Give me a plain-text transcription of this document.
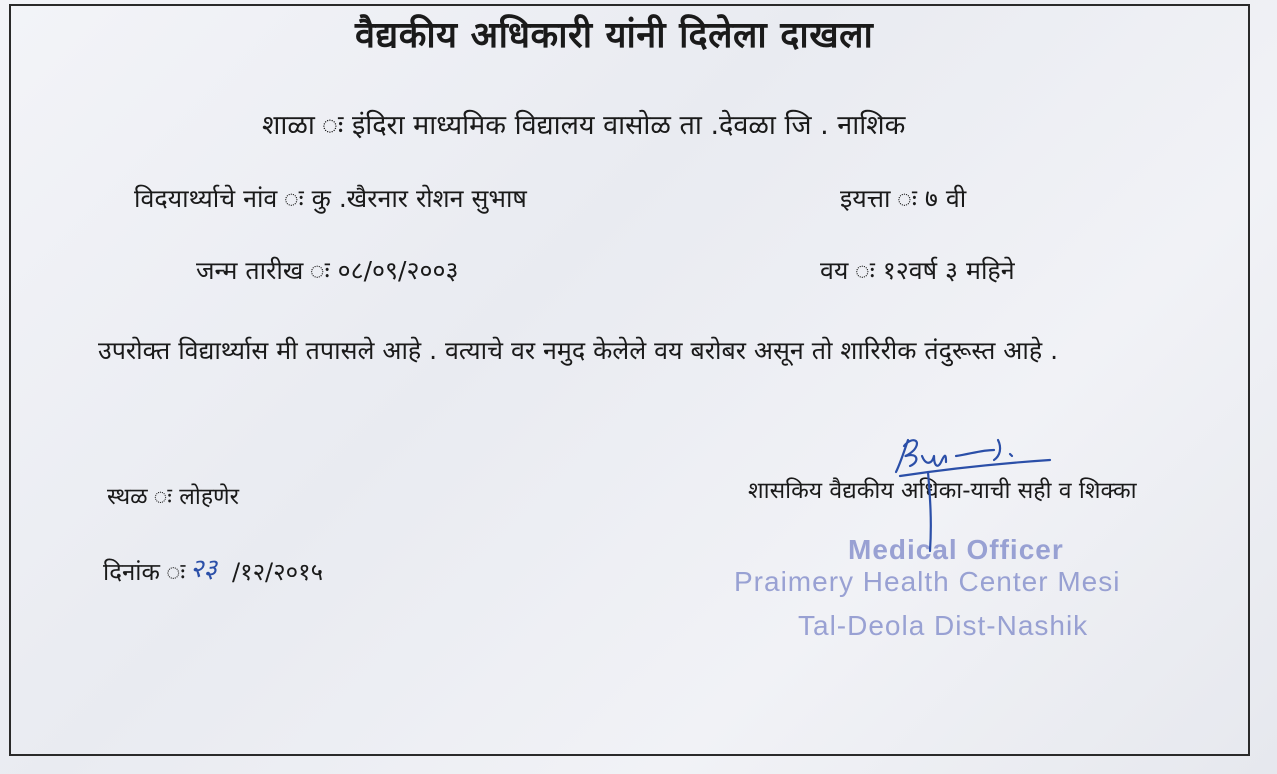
वैद्यकीय अधिकारी यांनी दिलेला दाखला
शाळा ः इंदिरा माध्यमिक विद्यालय वासोळ ता .देवळा जि . नाशिक
विदयार्थ्याचे नांव ः कु .खैरनार रोशन सुभाष	इयत्ता ः ७ वी
जन्म तारीख ः ०८/०९/२००३	वय ः १२वर्ष ३ महिने
उपरोक्त विद्यार्थ्यास मी तपासले आहे . वत्याचे वर नमुद केलेले वय बरोबर असून तो शारिरीक तंदुरूस्त आहे .
स्थळ ः लोहणेर	शासकिय वैद्यकीय अधिका-याची सही व शिक्का
दिनांक ः २३ /१२/२०१५
Medical Officer
Praimery Health Center Mesi
Tal-Deola Dist-Nashik
